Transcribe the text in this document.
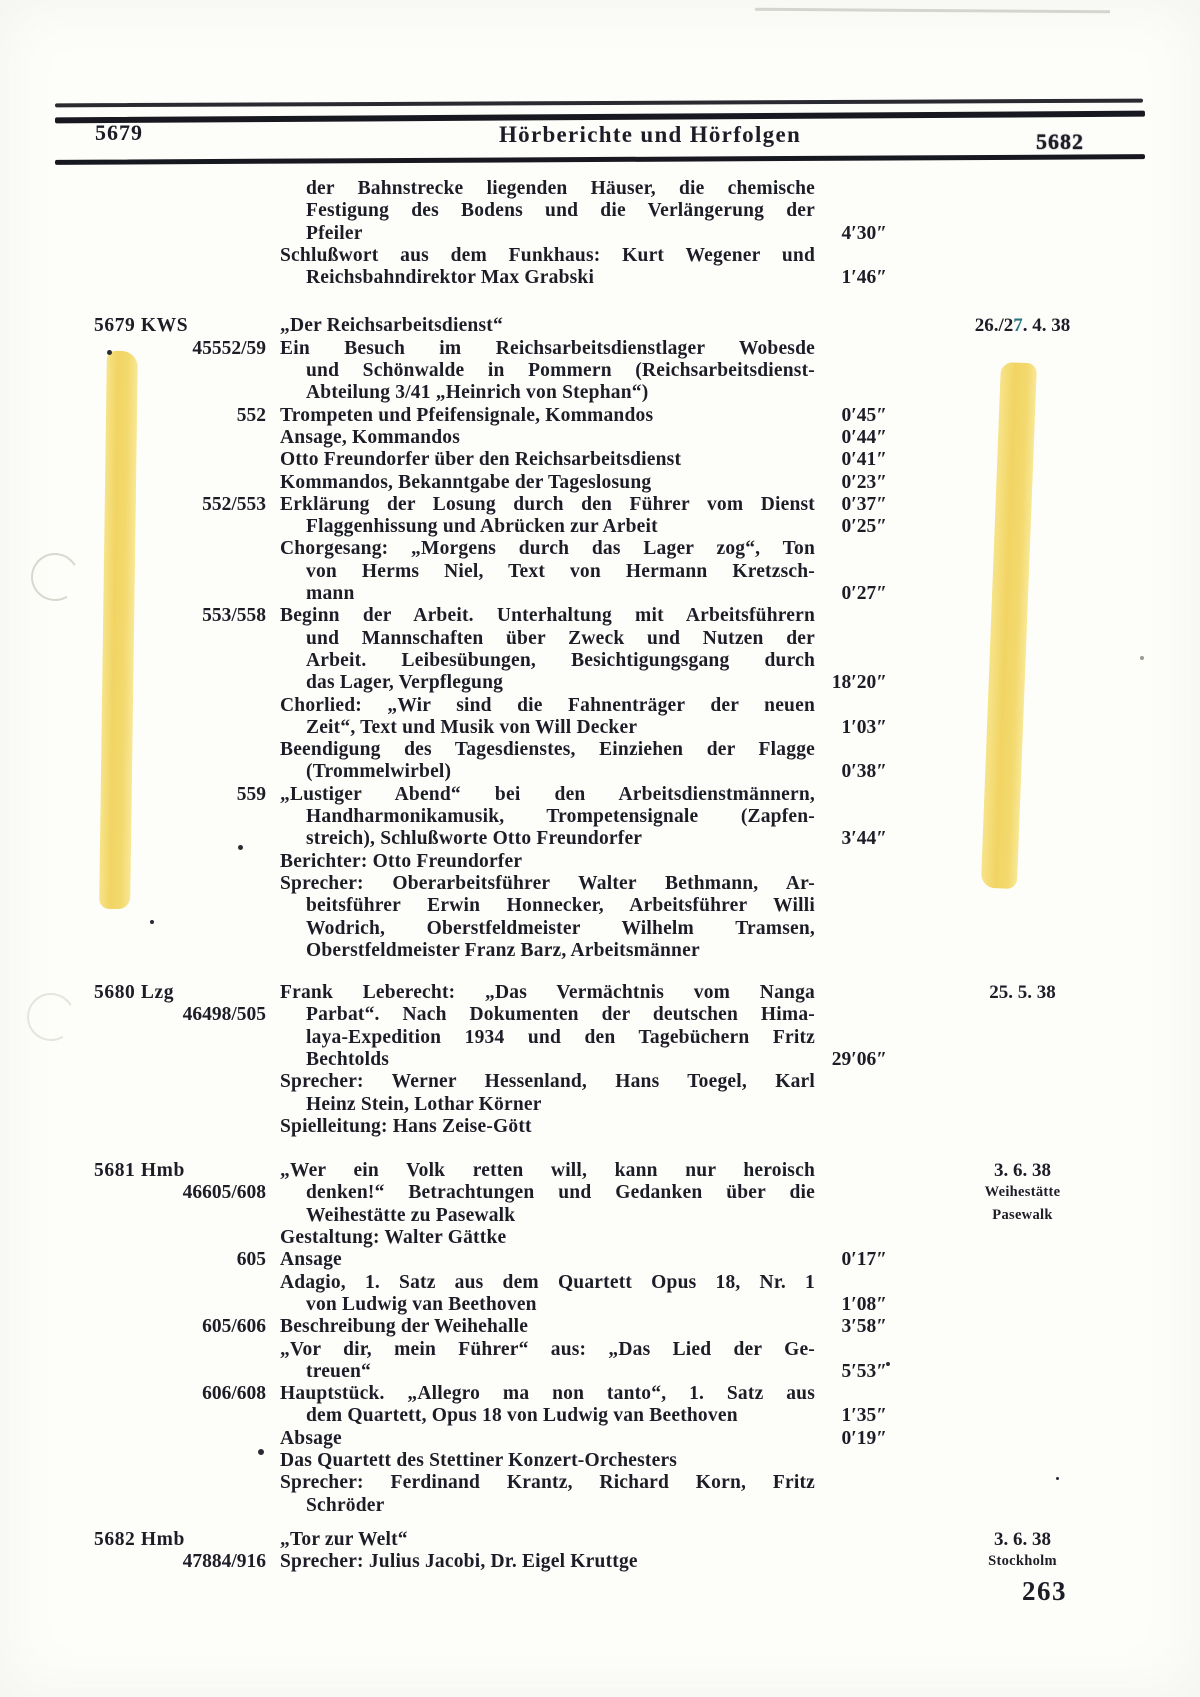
5679	Hörberichte und Hörfolgen	5682
der Bahnstrecke liegenden Häuser, die chemische
Festigung des Bodens und die Verlängerung der
Pfeiler	4′30″
Schlußwort aus dem Funkhaus: Kurt Wegener und
Reichsbahndirektor Max Grabski	1′46″
5679 KWS	„Der Reichsarbeitsdienst“	26./27. 4. 38
45552/59 Ein Besuch im Reichsarbeitsdienstlager Wobesde
und Schönwalde in Pommern (Reichsarbeitsdienst-
Abteilung 3/41 „Heinrich von Stephan“)
552 Trompeten und Pfeifensignale, Kommandos	0′45″
Ansage, Kommandos	0′44″
Otto Freundorfer über den Reichsarbeitsdienst	0′41″
Kommandos, Bekanntgabe der Tageslosung	0′23″
552/553 Erklärung der Losung durch den Führer vom Dienst	0′37″
Flaggenhissung und Abrücken zur Arbeit	0′25″
Chorgesang: „Morgens durch das Lager zog“, Ton
von Herms Niel, Text von Hermann Kretzsch-
mann	0′27″
553/558 Beginn der Arbeit. Unterhaltung mit Arbeitsführern
und Mannschaften über Zweck und Nutzen der
Arbeit. Leibesübungen, Besichtigungsgang durch
das Lager, Verpflegung	18′20″
Chorlied: „Wir sind die Fahnenträger der neuen
Zeit“, Text und Musik von Will Decker	1′03″
Beendigung des Tagesdienstes, Einziehen der Flagge
(Trommelwirbel)	0′38″
559 „Lustiger Abend“ bei den Arbeitsdienstmännern,
Handharmonikamusik, Trompetensignale (Zapfen-
streich), Schlußworte Otto Freundorfer	3′44″
Berichter: Otto Freundorfer
Sprecher: Oberarbeitsführer Walter Bethmann, Ar-
beitsführer Erwin Honnecker, Arbeitsführer Willi
Wodrich, Oberstfeldmeister Wilhelm Tramsen,
Oberstfeldmeister Franz Barz, Arbeitsmänner
5680 Lzg	Frank Leberecht: „Das Vermächtnis vom Nanga	25. 5. 38
46498/505	Parbat“. Nach Dokumenten der deutschen Hima-
laya-Expedition 1934 und den Tagebüchern Fritz
Bechtolds	29′06″
Sprecher: Werner Hessenland, Hans Toegel, Karl
Heinz Stein, Lothar Körner
Spielleitung: Hans Zeise-Gött
5681 Hmb	„Wer ein Volk retten will, kann nur heroisch	3. 6. 38
46605/608	denken!“ Betrachtungen und Gedanken über die	Weihestätte
Weihestätte zu Pasewalk	Pasewalk
Gestaltung: Walter Gättke
605 Ansage	0′17″
Adagio, 1. Satz aus dem Quartett Opus 18, Nr. 1
von Ludwig van Beethoven	1′08″
605/606 Beschreibung der Weihehalle	3′58″
„Vor dir, mein Führer“ aus: „Das Lied der Ge-
treuen“	5′53″
606/608 Hauptstück. „Allegro ma non tanto“, 1. Satz aus
dem Quartett, Opus 18 von Ludwig van Beethoven	1′35″
Absage	0′19″
Das Quartett des Stettiner Konzert-Orchesters
Sprecher: Ferdinand Krantz, Richard Korn, Fritz
Schröder
5682 Hmb	„Tor zur Welt“	3. 6. 38
47884/916 Sprecher: Julius Jacobi, Dr. Eigel Kruttge	Stockholm
263
